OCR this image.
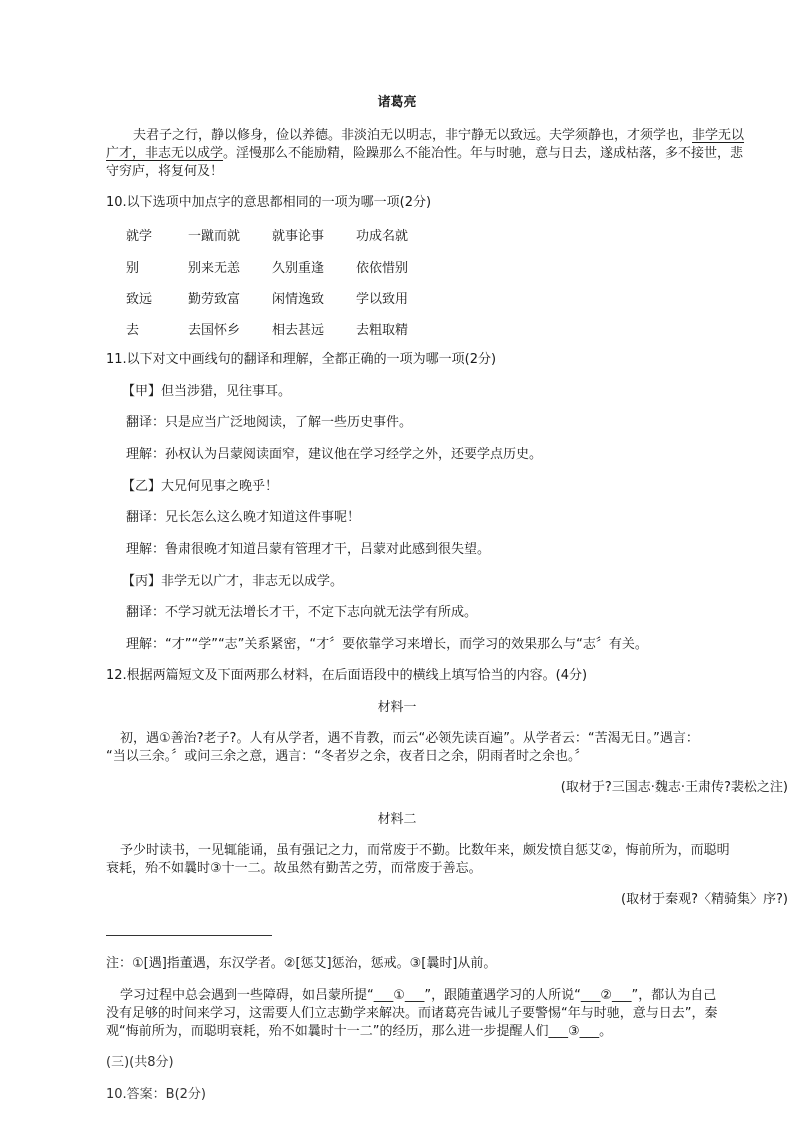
诸葛亮
夫君子之行，静以修身，俭以养德。非淡泊无以明志，非宁静无以致远。夫学须静也，才须学也，非学无以
广才，非志无以成学。淫慢那么不能励精，险躁那么不能冶性。年与时驰，意与日去，遂成枯落，多不接世，悲
守穷庐，将复何及！
10.以下选项中加点字的意思都相同的一项为哪一项(2分)
就学	一蹴而就 就事论事 功成名就
别	别来无恙 久别重逢 依依惜别
致远	勤劳致富 闲情逸致 学以致用
去	去国怀乡 相去甚远 去粗取精
11.以下对文中画线句的翻译和理解，全都正确的一项为哪一项(2分)
【甲】但当涉猎，见往事耳。
翻译：只是应当广泛地阅读，了解一些历史事件。
理解：孙权认为吕蒙阅读面窄，建议他在学习经学之外，还要学点历史。
【乙】大兄何见事之晚乎！
翻译：兄长怎么这么晚才知道这件事呢！
理解：鲁肃很晚才知道吕蒙有管理才干，吕蒙对此感到很失望。
【丙】非学无以广才，非志无以成学。
翻译：不学习就无法增长才干，不定下志向就无法学有所成。
理解：“才”“学”“志”关系紧密，“才〞要依靠学习来增长，而学习的效果那么与“志〞有关。
12.根据两篇短文及下面两那么材料，在后面语段中的横线上填写恰当的内容。(4分)
材料一
初，遇①善治?老子?。人有从学者，遇不肯教，而云“必领先读百遍”。从学者云：“苦渴无日。”遇言：
“当以三余。〞或问三余之意，遇言：“冬者岁之余，夜者日之余，阴雨者时之余也。〞
(取材于?三国志·魏志·王肃传?裴松之注)
材料二
予少时读书，一见辄能诵，虽有强记之力，而常废于不勤。比数年来，颇发愤自惩艾②，悔前所为，而聪明
衰耗，殆不如曩时③十一二。故虽然有勤苦之劳，而常废于善忘。
(取材于秦观?〈精骑集〉序?)
注：①[遇]指董遇，东汉学者。②[惩艾]惩治，惩戒。③[曩时]从前。
学习过程中总会遇到一些障碍，如吕蒙所提“___①___”，跟随董遇学习的人所说“___②___”，都认为自己
没有足够的时间来学习，这需要人们立志勤学来解决。而诸葛亮告诫儿子要警惕“年与时驰，意与日去”，秦
观“悔前所为，而聪明衰耗，殆不如曩时十一二”的经历，那么进一步提醒人们___③___。
(三)(共8分)
10.答案：B(2分)
